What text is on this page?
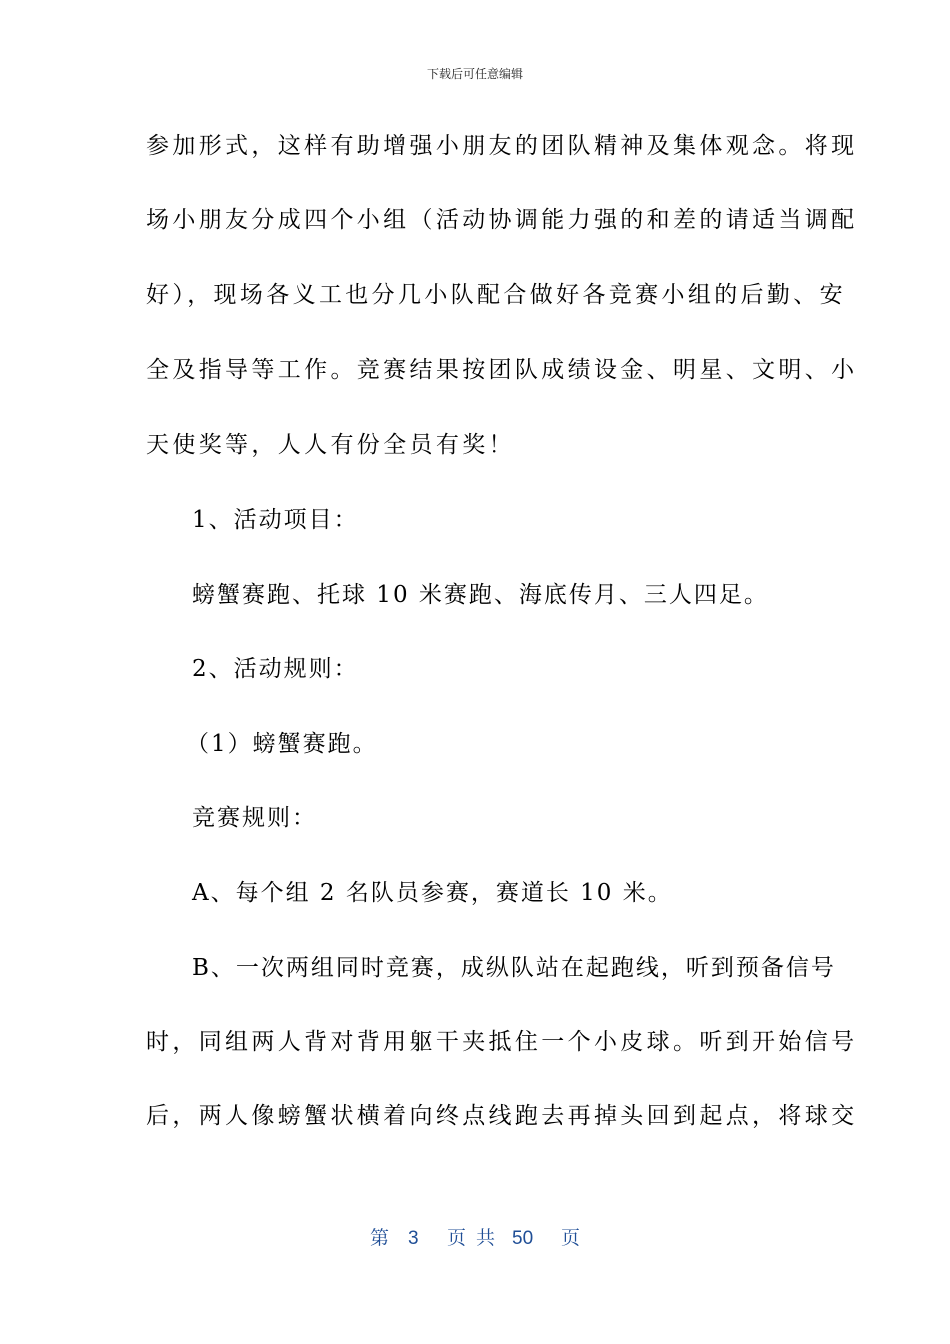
下载后可任意编辑
参加形式，这样有助增强小朋友的团队精神及集体观念。将现
场小朋友分成四个小组（活动协调能力强的和差的请适当调配
好），现场各义工也分几小队配合做好各竞赛小组的后勤、安
全及指导等工作。竞赛结果按团队成绩设金、明星、文明、小
天使奖等，人人有份全员有奖！
1、活动项目：
螃蟹赛跑、托球 10 米赛跑、海底传月、三人四足。
2、活动规则：
（1）螃蟹赛跑。
竞赛规则：
A、每个组 2 名队员参赛，赛道长 10 米。
B、一次两组同时竞赛，成纵队站在起跑线，听到预备信号
时，同组两人背对背用躯干夹抵住一个小皮球。听到开始信号
后，两人像螃蟹状横着向终点线跑去再掉头回到起点，将球交
第 3 页 共 50 页
